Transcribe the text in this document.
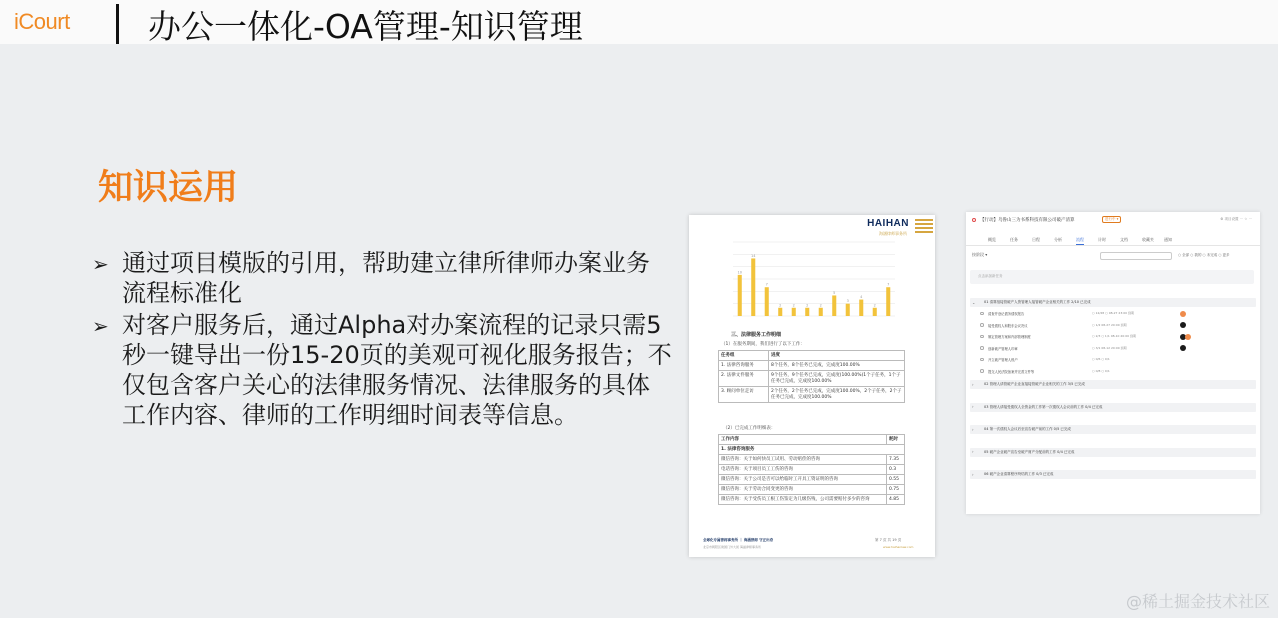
iCourt 办公一体化-OA管理-知识管理
知识运用
➢ 通过项目模版的引用，帮助建立律所律师办案业务流程标准化
➢ 对客户服务后，通过Alpha对办案流程的记录只需5秒一键导出一份15-20页的美观可视化服务报告；不仅包含客户关心的法律服务情况、法律服务的具体工作内容、律师的工作明细时间表等信息。
HAIHAN
海涵律师事务所
10
14
7
2	2	2	2
5
3
4
2
7
三、法律服务工作明细
（1）在服务期间，我们进行了以下工作：
任务组	进度
1. 法律咨询服务	8个任务，8个任务已完成，完成度100.00%
2. 法律文件服务	9个任务，9个任务已完成，完成度(100.00%)1个子任务，1个子任务已完成，完成度100.00%
3. 顾问单位走访	2个任务，2个任务已完成，完成度100.00%，2个子任务，2个子任务已完成，完成度100.00%
（2）已完成工作明细表：
工作内容	耗时
1. 法律咨询服务	
微信咨询：关于如何快员工试用、劳动赔偿的咨询	7.35
电话咨询：关于项目员工工伤的咨询	0.3
微信咨询：关于公司是否可以给临时工开具工资证明的咨询	0.55
微信咨询：关于劳动合同变更的咨询	0.75
微信咨询：关于受伤员工根工伤鉴定为几级伤残，公司需要赔付多少的咨询	4.85
全球化专属律师事务所 ｜ 海涵律师 守正出奇
北京市朝阳区建国门外大街 海涵律师事务所
第 7 页 共 19 页
www.haihanlaw.com
【行动】乌鲁山三为书系科技有限公司破产清算	进行中 ▾	⚙ 项目设置 ⋯ ☆ ⋯
概览	任务	日程	分析	流程	计时	文档	收藏夹	通知
按阶段 ▾	○ 全部 ○ 我的 ○ 未完成 ○ 更多
点击添加新任务
⌄ 01 清算组接管破产人资管理人接管破产企业相关的工作 2/10 已完成
清查并登记债务债权报告	○ 12/28 ○ 08-27 23:00 到期
接受债权人和股东会议决议	○ 1/2 08-27 20:00 到期
制定管理方案和内部管理制度	○ 2/3 ○ 1/1 08-10 20:00 到期
创新破产管理人印章	○ 3/1 08-12 20:00 到期
开立破产管理人账户	○ 0/6 ○ 0/1
提交人民法院备案并完善文件等	○ 0/8 ○ 0/1
›	02 管理人请管破产企业直接接管破产企业相关的工作 3/5 已完成
›	03 管理人请接受债权人全资金的工作第一次债权人会议前的工作 0/4 已完成
›	04 第一次债权人会议后至宣告破产前的工作 0/5 已完成
›	05 破产企业破产宣告至破产财产分配前的工作 0/4 已完成
›	06 破产企业清算程序终结的工作 0/3 已完成
@稀土掘金技术社区
